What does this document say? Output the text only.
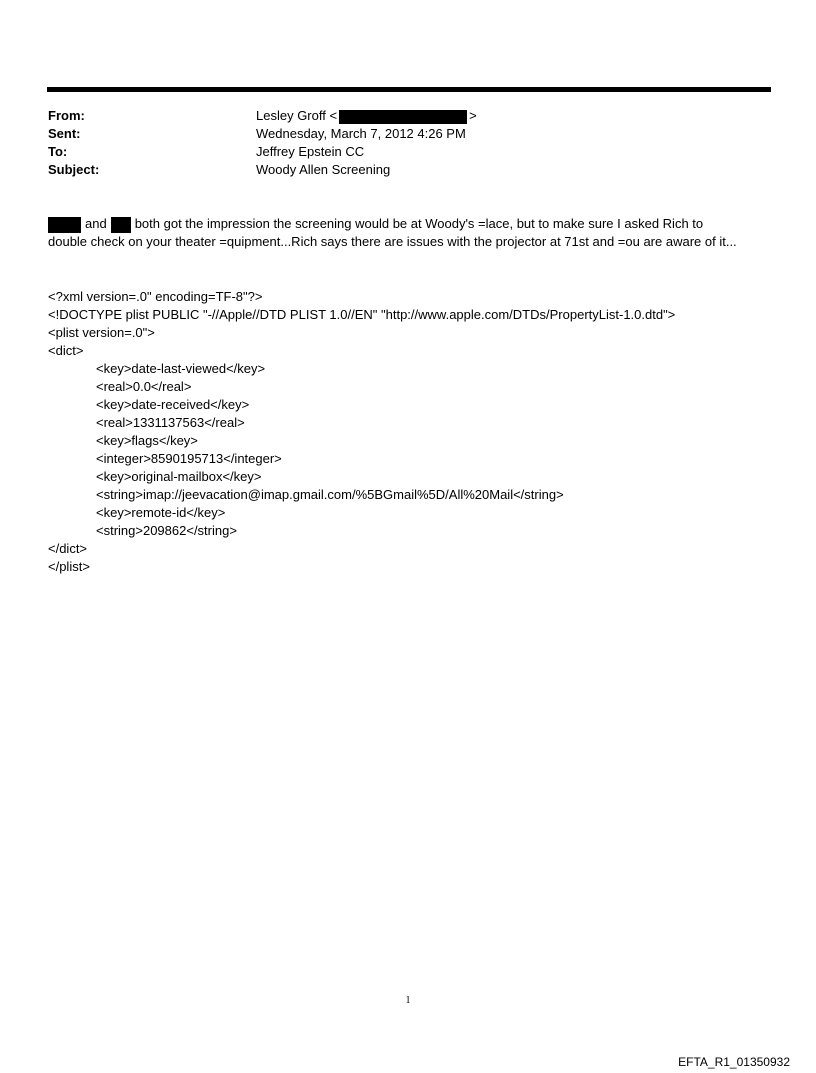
From:	Lesley Groff <	>
Sent:	Wednesday, March 7, 2012 4:26 PM
To:	Jeffrey Epstein CC
Subject:	Woody Allen Screening
and both got the impression the screening would be at Woody's =lace, but to make sure I asked Rich to
double check on your theater =quipment...Rich says there are issues with the projector at 71st and =ou are aware of it...
<?xml version=.0" encoding=TF-8"?>
<!DOCTYPE plist PUBLIC "-//Apple//DTD PLIST 1.0//EN" "http://www.apple.com/DTDs/PropertyList-1.0.dtd">
<plist version=.0">
<dict>
<key>date-last-viewed</key>
<real>0.0</real>
<key>date-received</key>
<real>1331137563</real>
<key>flags</key>
<integer>8590195713</integer>
<key>original-mailbox</key>
<string>imap://jeevacation@imap.gmail.com/%5BGmail%5D/All%20Mail</string>
<key>remote-id</key>
<string>209862</string>
</dict>
</plist>
1
EFTA_R1_01350932
